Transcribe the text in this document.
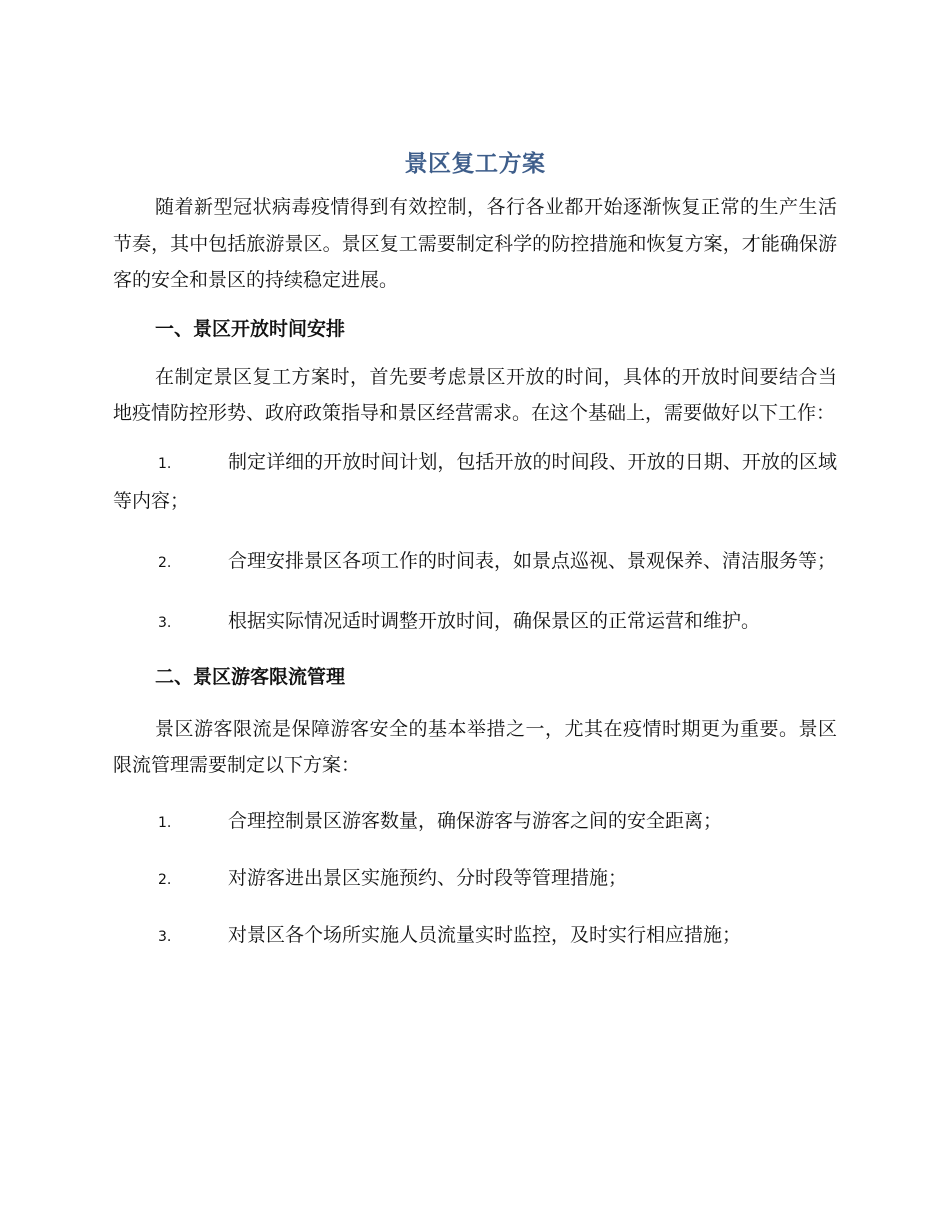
景区复工方案

随着新型冠状病毒疫情得到有效控制，各行各业都开始逐渐恢复正常的生产生活节奏，其中包括旅游景区。景区复工需要制定科学的防控措施和恢复方案，才能确保游客的安全和景区的持续稳定进展。

一、景区开放时间安排

在制定景区复工方案时，首先要考虑景区开放的时间，具体的开放时间要结合当地疫情防控形势、政府政策指导和景区经营需求。在这个基础上，需要做好以下工作：

1.	制定详细的开放时间计划，包括开放的时间段、开放的日期、开放的区域等内容；

2.	合理安排景区各项工作的时间表，如景点巡视、景观保养、清洁服务等；

3.	根据实际情况适时调整开放时间，确保景区的正常运营和维护。

二、景区游客限流管理

景区游客限流是保障游客安全的基本举措之一，尤其在疫情时期更为重要。景区限流管理需要制定以下方案：

1.	合理控制景区游客数量，确保游客与游客之间的安全距离；

2.	对游客进出景区实施预约、分时段等管理措施；

3.	对景区各个场所实施人员流量实时监控，及时实行相应措施；
